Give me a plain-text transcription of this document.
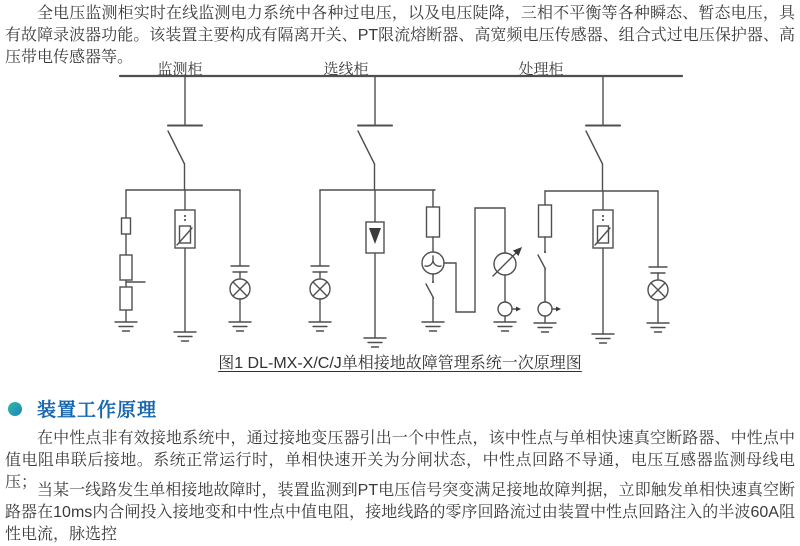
全电压监测柜实时在线监测电力系统中各种过电压，以及电压陡降，三相不平衡等各种瞬态、暂态电压，具有故障录波器功能。该装置主要构成有隔离开关、PT限流熔断器、高宽频电压传感器、组合式过电压保护器、高压带电传感器等。
监测柜	选线柜	处理柜
图1 DL-MX-X/C/J单相接地故障管理系统一次原理图
装置工作原理
在中性点非有效接地系统中，通过接地变压器引出一个中性点，该中性点与单相快速真空断路器、中性点中值电阻串联后接地。系统正常运行时，单相快速开关为分闸状态，中性点回路不导通，电压互感器监测母线电压； 当某一线路发生单相接地故障时，装置监测到PT电压信号突变满足接地故障判据，立即触发单相快速真空断路器在10ms内合闸投入接地变和中性点中值电阻，接地线路的零序回路流过由装置中性点回路注入的半波60A阻性电流，脉选控
